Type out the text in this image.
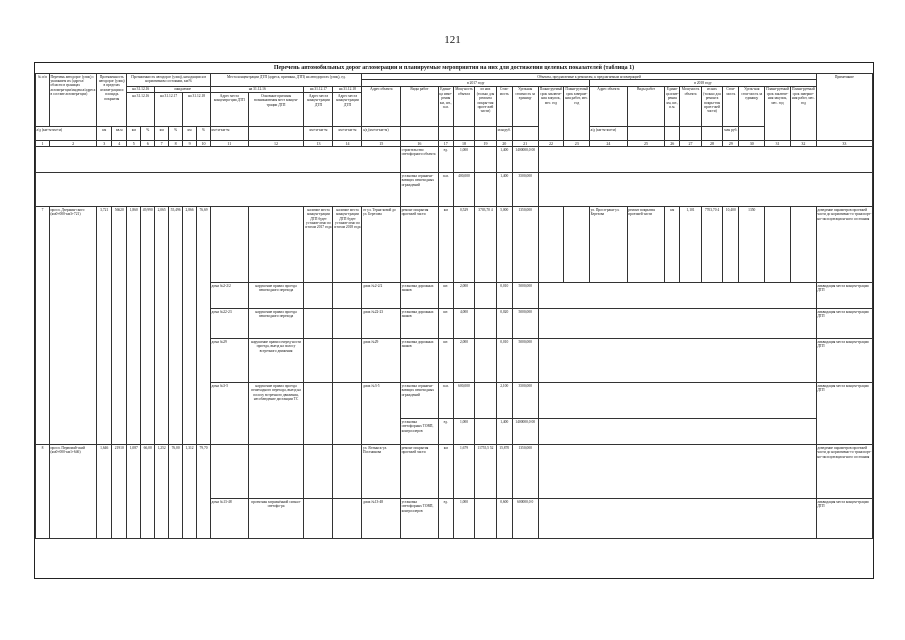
121
Перечень автомобильных дорог агломерации и планируемые мероприятия на них для достижения целевых показателей (таблица 1)
№ п/п	Перечень автодорог (улиц) с указанием их (адреса/области в границах агломера-ции/индекса/адреса в составе агломера-ции)	Протяженность автодорог (улиц) в пределах агломе-рации и площадь покрытия		Протяженность автодорог (улиц), находящихся в нормативном состоянии, км/%						Места концентрации ДТП (адреса, причины, ДТП) на автодорогах (улиц), ед.				Объекты, предлагаемые к ремонтам, к предлагаемым агломерацией																		Примечание
														в 2017 году									в 2018 году									
				на 31.12.16		ожидаемое				на 31.12.16		на 31.12.17	на 31.12.18	Адрес объекта	Виды работ	Едини-ца изме-рения км, шт., п.м.	Мощ-ность объекта	из них (только для ремонта покры-тия проез-жей части)	Стои-мость	Удельная стоимость за единицу	Плани-руемый срок заключе-ния закупок, мес. год	Плани-руемый срок заверше-ния работ, мес. год	Адрес объекта	Виды работ	Едини-ца изме-рения км, шт., п.м.	Мощ-ность объекта	из них (только для ремонта покры-тия проез-жей части)	Стои-мость	Удель-ная стои-мость за единицу	Плани-руемый срок заключе-ния закупок, мес. год	Плани-руемый срок заверше-ния работ, мес. год	
				на 31.12.16		на 31.12.17		на 31.12.18		Адрес места концентра-ции ДТП	Основные причины возникновения мест концен-трации ДТП	Адрес места концен-трации ДТП	Адрес места концен-трации ДТП																			
а/д (км+м-км+м)		км	кв.м	км	%	км	%	км	%	км+м-км+м		км+м-км+м	км+м-км+м	а/д (км+м-км+м)					млн руб.				а/д (км+м-км+м)					млн руб.				
1	2	3	4	5	6	7	8	9	10	11	12	13	14	15	16	17	18	19	20	21	22	23	24	25	26	27	28	29	30	31	32	33
															строительство светофорного объекта	ед.	1,000		1,400	1400000,0 00												
															установка ограничи-вающих пешеходных ограждений	п.м.	400,000		1,400	3500,000												
7	просп. Дзержин-ского (км0+000-км3+721)	3,721	56620	1,860	49,990	2,065	55,496	2,866	76,69			наличие места концен-трации ДТП будет установ-лено по итогам 2017 года	наличие места концен-трации ДТП будет установ-лено по итогам 2018 года	от ул. Терна-ковой до ул. Березова	ремонт покрытия проезжей части	км	0,529	3703,70 4	5,000	1350,000			ул. Просп-раки-ул. Березова	ремонт покрытия проезжей части	км	1,101	7703,70 4	10,400	1350			доведение параметров проезжей части до нормативно-го транспорт-но-эксплуатацион-ного состояния
										дома №2-2/2	нарушение правил проезда пешеходного перехода			дома №2-2/2	установка дорожных знаков	шт.	2,000		0,010	5000,000												ликвидация места концен-трации ДТП
										дома №22-23	нарушение правил проезда пешеходного перехода			дома №22-23	установка дорожных знаков	шт.	4,000		0,020	5000,000												ликвидация места концен-трации ДТП
										дома №29	нарушение правил очеред-ности проезда, выезд на полосу встречного движения			дома №29	установка дорожных знаков	шт.	2,000		0,010	5000,000												ликвидация места концен-трации ДТП
										дома №3-5	нарушение правил проезда пешеходного перехода, выезд на полосу встречного движения, несоблюдение дистанции ТС			дома №3-5	установка ограничи-вающих пешеходных ограждений	п.м.	600,000		2,100	3500,000												ликвидация места концен-трации ДТП
															установка светофорных ТОВП, контроллеров	ед.	1,000		1,400	1400000,0 00												
8	просп. Первомай-ский (км0+000-км1+646)	1,646	21910	1,087	66,00	1,252	76,00	1,312	79,70					ул. Ялтынск-ул. Постникова	ремонт покрытия проезжей части	км	1,679	11755,5 52	15,870	1350,000												доведение параметров проезжей части до нормативно-го транспорт-но-эксплуатацион-ного состояния
										дома №13-48	проектная загрязнённой сигнал-светофо-ра			дома №13-48	установка светофорных ТОВП, контроллеров	ед.	1,000		0,600	600000,0 0												ликвидация места концен-трации ДТП
